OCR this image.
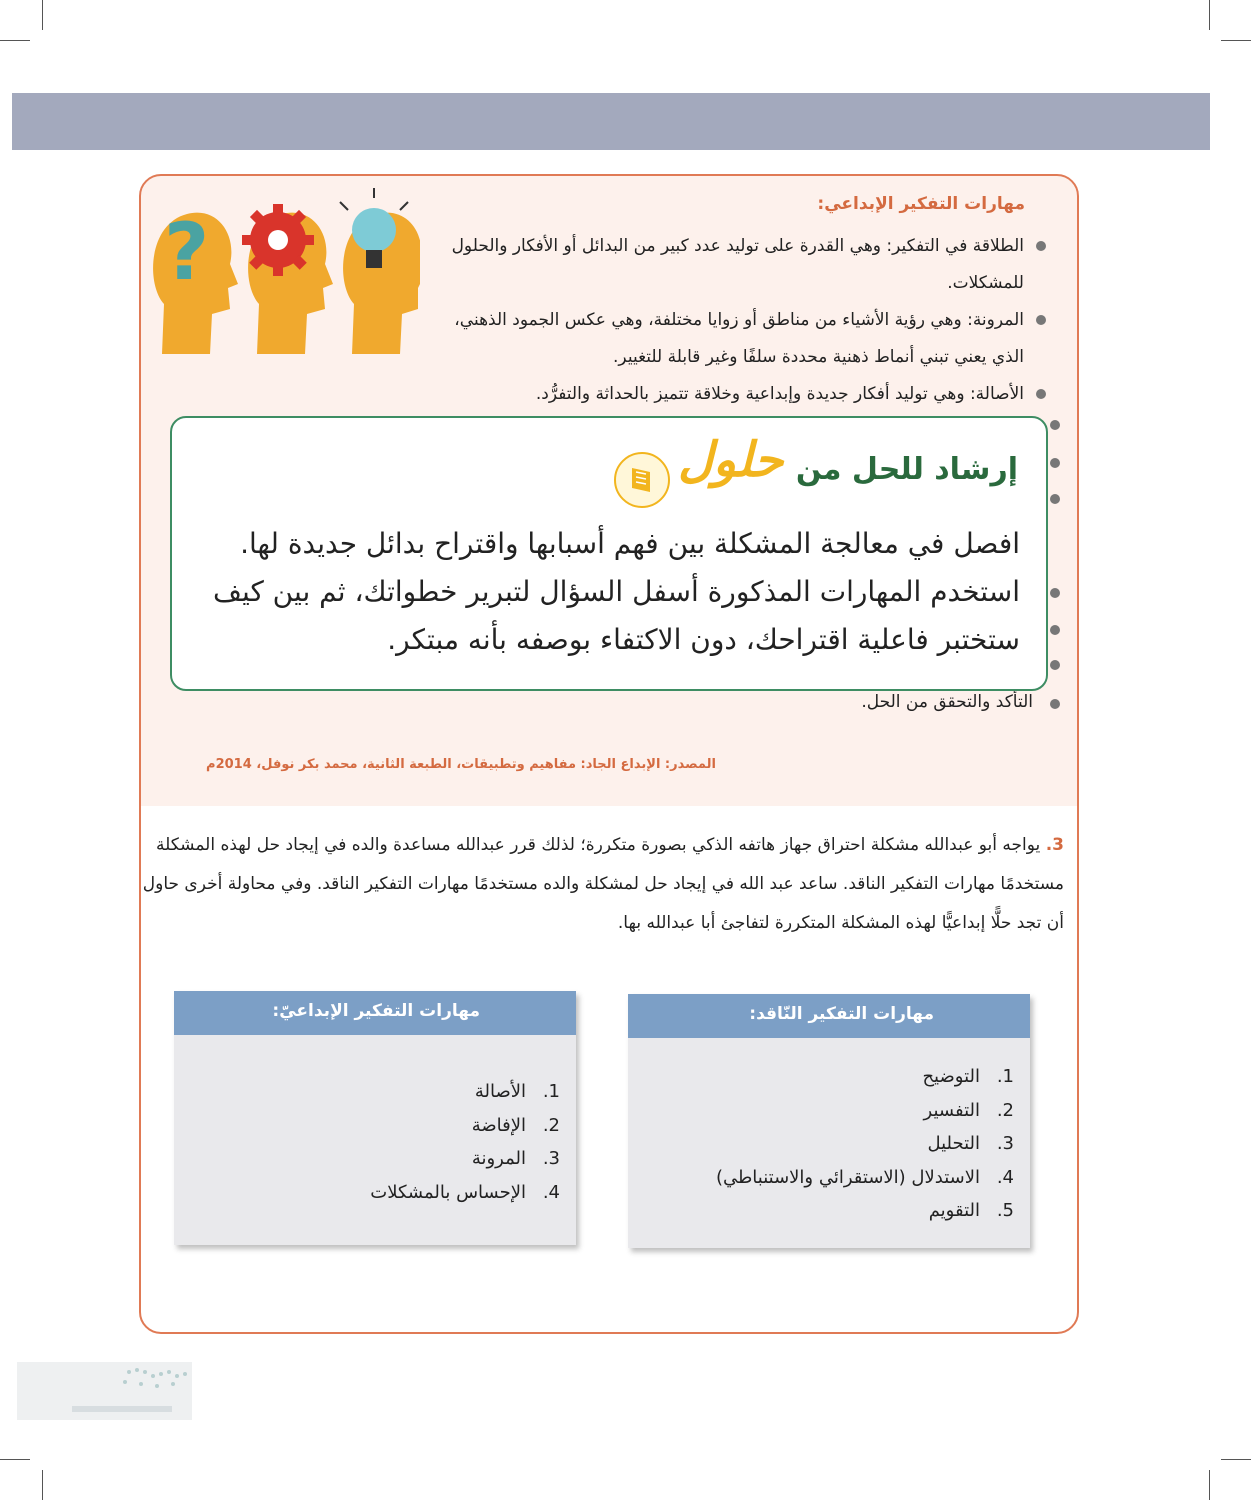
?
مهارات التفكير الإبداعي:
الطلاقة في التفكير: وهي القدرة على توليد عدد كبير من البدائل أو الأفكار والحلول للمشكلات.
المرونة: وهي رؤية الأشياء من مناطق أو زوايا مختلفة، وهي عكس الجمود الذهني، الذي يعني تبني أنماط ذهنية محددة سلفًا وغير قابلة للتغيير.
الأصالة: وهي توليد أفكار جديدة وإبداعية وخلاقة تتميز بالحداثة والتفرُّد.
التأكد والتحقق من الحل.
المصدر: الإبداع الجاد: مفاهيم وتطبيقات، الطبعة الثانية، محمد بكر نوفل، 2014م
إرشاد للحل من
حلول
افصل في معالجة المشكلة بين فهم أسبابها واقتراح بدائل جديدة لها. استخدم المهارات المذكورة أسفل السؤال لتبرير خطواتك، ثم بين كيف ستختبر فاعلية اقتراحك، دون الاكتفاء بوصفه بأنه مبتكر.
3. يواجه أبو عبدالله مشكلة احتراق جهاز هاتفه الذكي بصورة متكررة؛ لذلك قرر عبدالله مساعدة والده في إيجاد حل لهذه المشكلة مستخدمًا مهارات التفكير الناقد. ساعد عبد الله في إيجاد حل لمشكلة والده مستخدمًا مهارات التفكير الناقد. وفي محاولة أخرى حاول أن تجد حلًّا إبداعيًّا لهذه المشكلة المتكررة لتفاجئ أبا عبدالله بها.
مهارات التفكير النّاقد:
1.التوضيح
2.التفسير
3.التحليل
4.الاستدلال (الاستقرائي والاستنباطي)
5.التقويم
مهارات التفكير الإبداعيّ:
1.الأصالة
2.الإفاضة
3.المرونة
4.الإحساس بالمشكلات
